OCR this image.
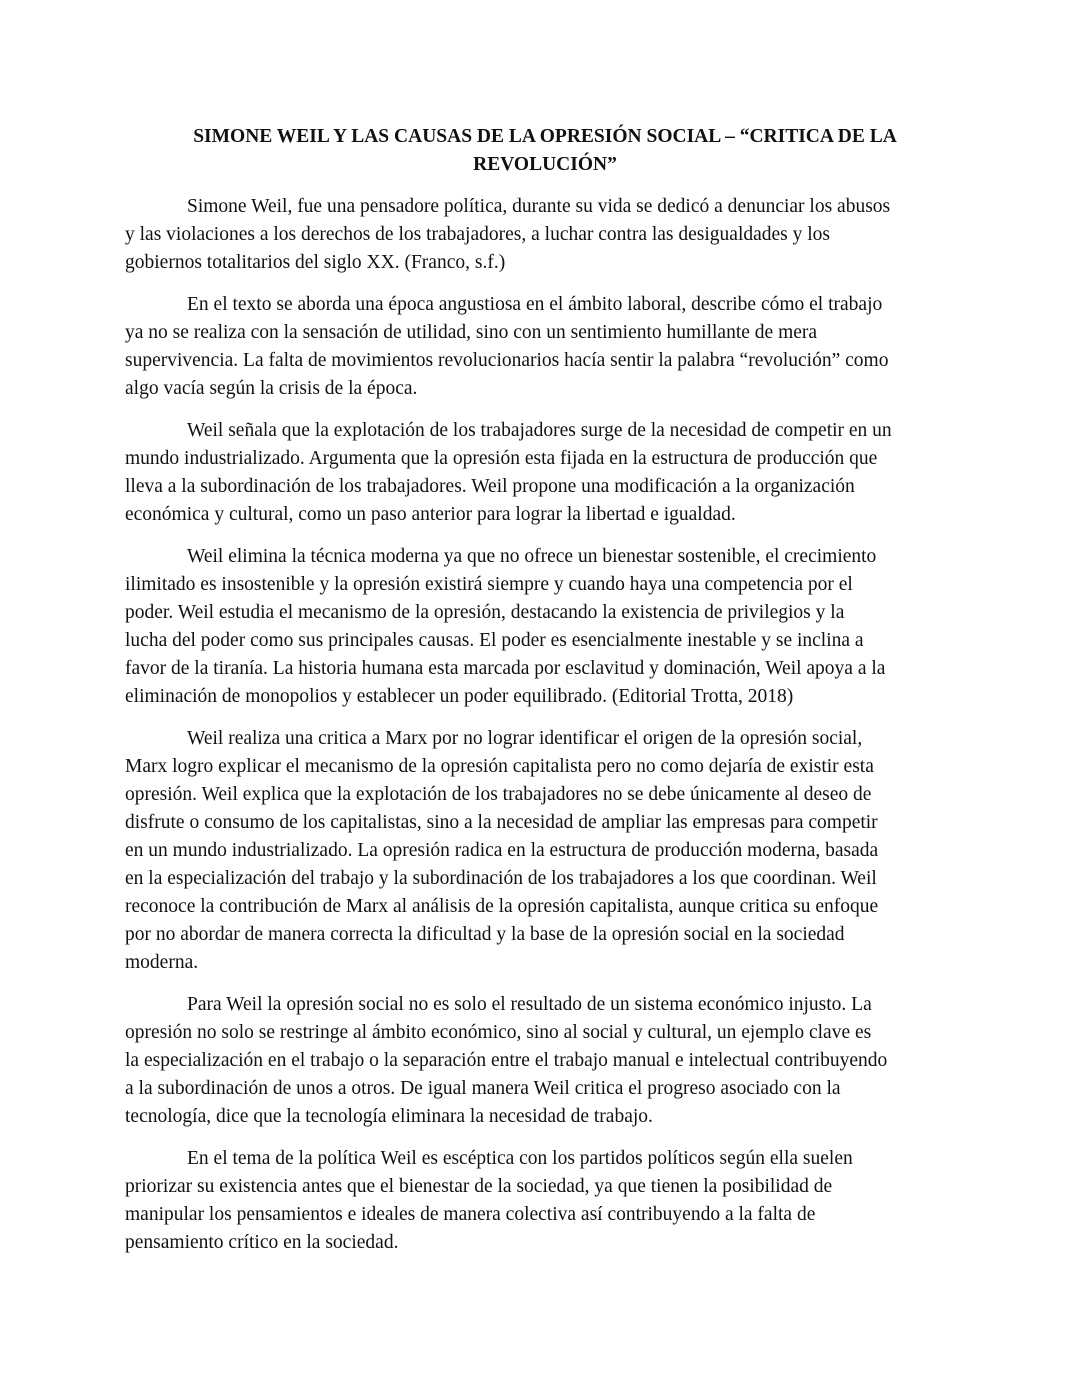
SIMONE WEIL Y LAS CAUSAS DE LA OPRESIÓN SOCIAL – “CRITICA DE LA
REVOLUCIÓN”
Simone Weil, fue una pensadore política, durante su vida se dedicó a denunciar los abusos
y las violaciones a los derechos de los trabajadores, a luchar contra las desigualdades y los
gobiernos totalitarios del siglo XX. (Franco, s.f.)
En el texto se aborda una época angustiosa en el ámbito laboral, describe cómo el trabajo
ya no se realiza con la sensación de utilidad, sino con un sentimiento humillante de mera
supervivencia. La falta de movimientos revolucionarios hacía sentir la palabra “revolución” como
algo vacía según la crisis de la época.
Weil señala que la explotación de los trabajadores surge de la necesidad de competir en un
mundo industrializado. Argumenta que la opresión esta fijada en la estructura de producción que
lleva a la subordinación de los trabajadores. Weil propone una modificación a la organización
económica y cultural, como un paso anterior para lograr la libertad e igualdad.
Weil elimina la técnica moderna ya que no ofrece un bienestar sostenible, el crecimiento
ilimitado es insostenible y la opresión existirá siempre y cuando haya una competencia por el
poder. Weil estudia el mecanismo de la opresión, destacando la existencia de privilegios y la
lucha del poder como sus principales causas. El poder es esencialmente inestable y se inclina a
favor de la tiranía. La historia humana esta marcada por esclavitud y dominación, Weil apoya a la
eliminación de monopolios y establecer un poder equilibrado. (Editorial Trotta, 2018)
Weil realiza una critica a Marx por no lograr identificar el origen de la opresión social,
Marx logro explicar el mecanismo de la opresión capitalista pero no como dejaría de existir esta
opresión. Weil explica que la explotación de los trabajadores no se debe únicamente al deseo de
disfrute o consumo de los capitalistas, sino a la necesidad de ampliar las empresas para competir
en un mundo industrializado. La opresión radica en la estructura de producción moderna, basada
en la especialización del trabajo y la subordinación de los trabajadores a los que coordinan. Weil
reconoce la contribución de Marx al análisis de la opresión capitalista, aunque critica su enfoque
por no abordar de manera correcta la dificultad y la base de la opresión social en la sociedad
moderna.
Para Weil la opresión social no es solo el resultado de un sistema económico injusto. La
opresión no solo se restringe al ámbito económico, sino al social y cultural, un ejemplo clave es
la especialización en el trabajo o la separación entre el trabajo manual e intelectual contribuyendo
a la subordinación de unos a otros. De igual manera Weil critica el progreso asociado con la
tecnología, dice que la tecnología eliminara la necesidad de trabajo.
En el tema de la política Weil es escéptica con los partidos políticos según ella suelen
priorizar su existencia antes que el bienestar de la sociedad, ya que tienen la posibilidad de
manipular los pensamientos e ideales de manera colectiva así contribuyendo a la falta de
pensamiento crítico en la sociedad.
